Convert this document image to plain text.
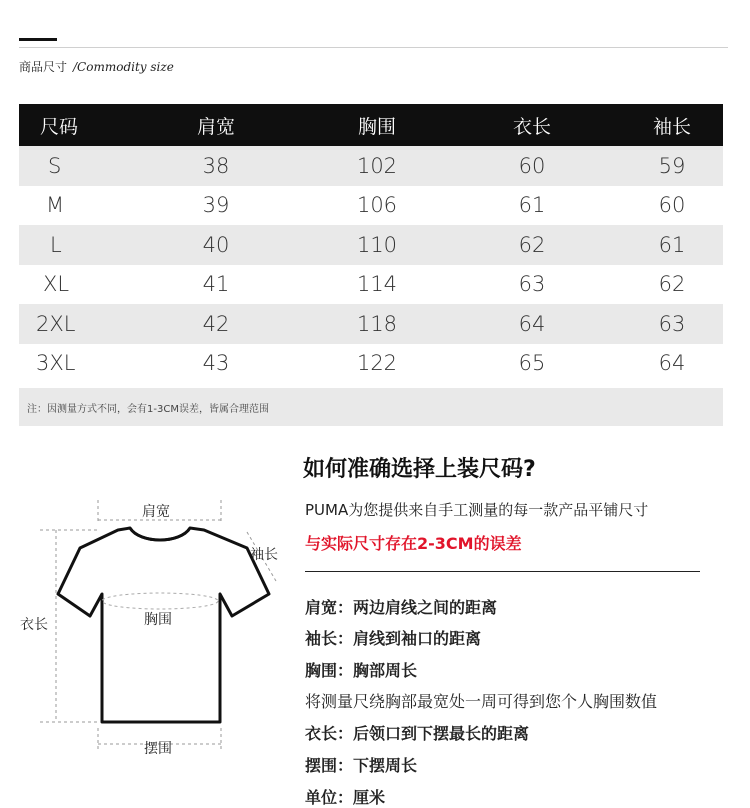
商品尺寸 /Commodity size
尺码	肩宽	胸围	衣长	袖长
S	38	102	60	59
M	39	106	61	60
L	40	110	62	61
XL	41	114	63	62
2XL	42	118	64	63
3XL	43	122	65	64
注：因测量方式不同，会有1-3CM误差，皆属合理范围
肩宽
袖长
衣长	胸围
摆围
如何准确选择上装尺码?
PUMA为您提供来自手工测量的每一款产品平铺尺寸
与实际尺寸存在2-3CM的误差
肩宽：两边肩线之间的距离
袖长：肩线到袖口的距离
胸围：胸部周长
将测量尺绕胸部最宽处一周可得到您个人胸围数值
衣长：后领口到下摆最长的距离
摆围：下摆周长
单位：厘米
